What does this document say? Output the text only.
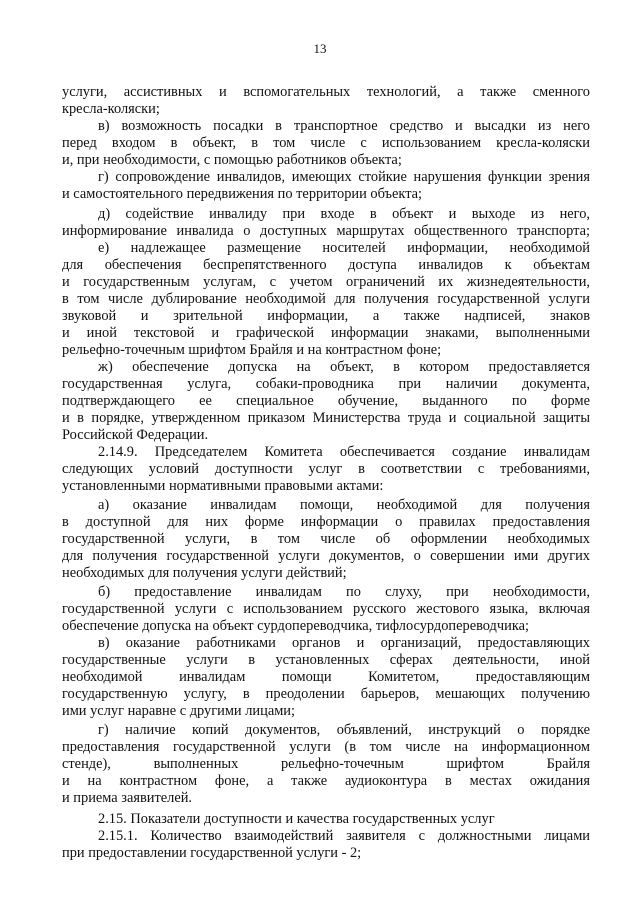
13
услуги, ассистивных и вспомогательных технологий, а также сменного
кресла-коляски;
в) возможность посадки в транспортное средство и высадки из него
перед входом в объект, в том числе с использованием кресла-коляски
и, при необходимости, с помощью работников объекта;
г) сопровождение инвалидов, имеющих стойкие нарушения функции зрения
и самостоятельного передвижения по территории объекта;
д) содействие инвалиду при входе в объект и выходе из него,
информирование инвалида о доступных маршрутах общественного транспорта;
е) надлежащее размещение носителей информации, необходимой
для обеспечения беспрепятственного доступа инвалидов к объектам
и государственным услугам, с учетом ограничений их жизнедеятельности,
в том числе дублирование необходимой для получения государственной услуги
звуковой и зрительной информации, а также надписей, знаков
и иной текстовой и графической информации знаками, выполненными
рельефно-точечным шрифтом Брайля и на контрастном фоне;
ж) обеспечение допуска на объект, в котором предоставляется
государственная услуга, собаки-проводника при наличии документа,
подтверждающего ее специальное обучение, выданного по форме
и в порядке, утвержденном приказом Министерства труда и социальной защиты
Российской Федерации.
2.14.9. Председателем Комитета обеспечивается создание инвалидам
следующих условий доступности услуг в соответствии с требованиями,
установленными нормативными правовыми актами:
а) оказание инвалидам помощи, необходимой для получения
в доступной для них форме информации о правилах предоставления
государственной услуги, в том числе об оформлении необходимых
для получения государственной услуги документов, о совершении ими других
необходимых для получения услуги действий;
б) предоставление инвалидам по слуху, при необходимости,
государственной услуги с использованием русского жестового языка, включая
обеспечение допуска на объект сурдопереводчика, тифлосурдопереводчика;
в) оказание работниками органов и организаций, предоставляющих
государственные услуги в установленных сферах деятельности, иной
необходимой инвалидам помощи Комитетом, предоставляющим
государственную услугу, в преодолении барьеров, мешающих получению
ими услуг наравне с другими лицами;
г) наличие копий документов, объявлений, инструкций о порядке
предоставления государственной услуги (в том числе на информационном
стенде), выполненных рельефно-точечным шрифтом Брайля
и на контрастном фоне, а также аудиоконтура в местах ожидания
и приема заявителей.
2.15. Показатели доступности и качества государственных услуг
2.15.1. Количество взаимодействий заявителя с должностными лицами
при предоставлении государственной услуги - 2;
